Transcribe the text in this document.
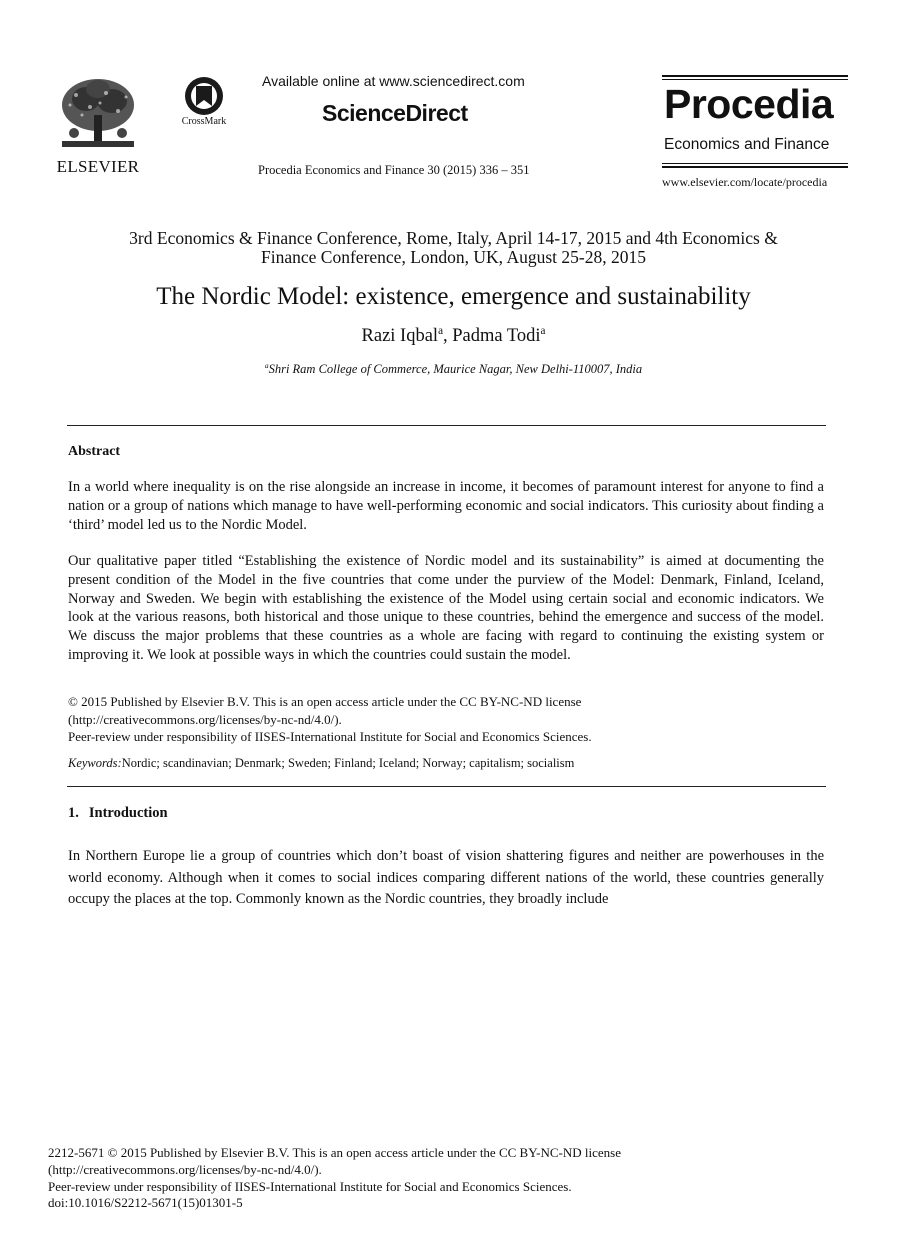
ELSEVIER
CrossMark
Available online at www.sciencedirect.com
ScienceDirect
Procedia Economics and Finance 30 (2015) 336 – 351
Procedia
Economics and Finance
www.elsevier.com/locate/procedia
3rd Economics & Finance Conference, Rome, Italy, April 14-17, 2015 and 4th Economics &
Finance Conference, London, UK, August 25-28, 2015
The Nordic Model: existence, emergence and sustainability
Razi Iqbal$^a$, Padma Todi$^a$
$^a$Shri Ram College of Commerce, Maurice Nagar, New Delhi-110007, India
Abstract
In a world where inequality is on the rise alongside an increase in income, it becomes of paramount interest for anyone to find a nation or a group of nations which manage to have well-performing economic and social indicators. This curiosity about finding a ‘third’ model led us to the Nordic Model.
Our qualitative paper titled “Establishing the existence of Nordic model and its sustainability” is aimed at documenting the present condition of the Model in the five countries that come under the purview of the Model: Denmark, Finland, Iceland, Norway and Sweden. We begin with establishing the existence of the Model using certain social and economic indicators. We look at the various reasons, both historical and those unique to these countries, behind the emergence and success of the model. We discuss the major problems that these countries as a whole are facing with regard to continuing the existing system or improving it. We look at possible ways in which the countries could sustain the model.
© 2015 Published by Elsevier B.V. This is an open access article under the CC BY-NC-ND license
(http://creativecommons.org/licenses/by-nc-nd/4.0/).
Peer-review under responsibility of IISES-International Institute for Social and Economics Sciences.
Keywords:Nordic; scandinavian; Denmark; Sweden; Finland; Iceland; Norway; capitalism; socialism
1. Introduction
In Northern Europe lie a group of countries which don’t boast of vision shattering figures and neither are powerhouses in the world economy. Although when it comes to social indices comparing different nations of the world, these countries generally occupy the places at the top. Commonly known as the Nordic countries, they broadly include
2212-5671 © 2015 Published by Elsevier B.V. This is an open access article under the CC BY-NC-ND license
(http://creativecommons.org/licenses/by-nc-nd/4.0/).
Peer-review under responsibility of IISES-International Institute for Social and Economics Sciences.
doi:10.1016/S2212-5671(15)01301-5
